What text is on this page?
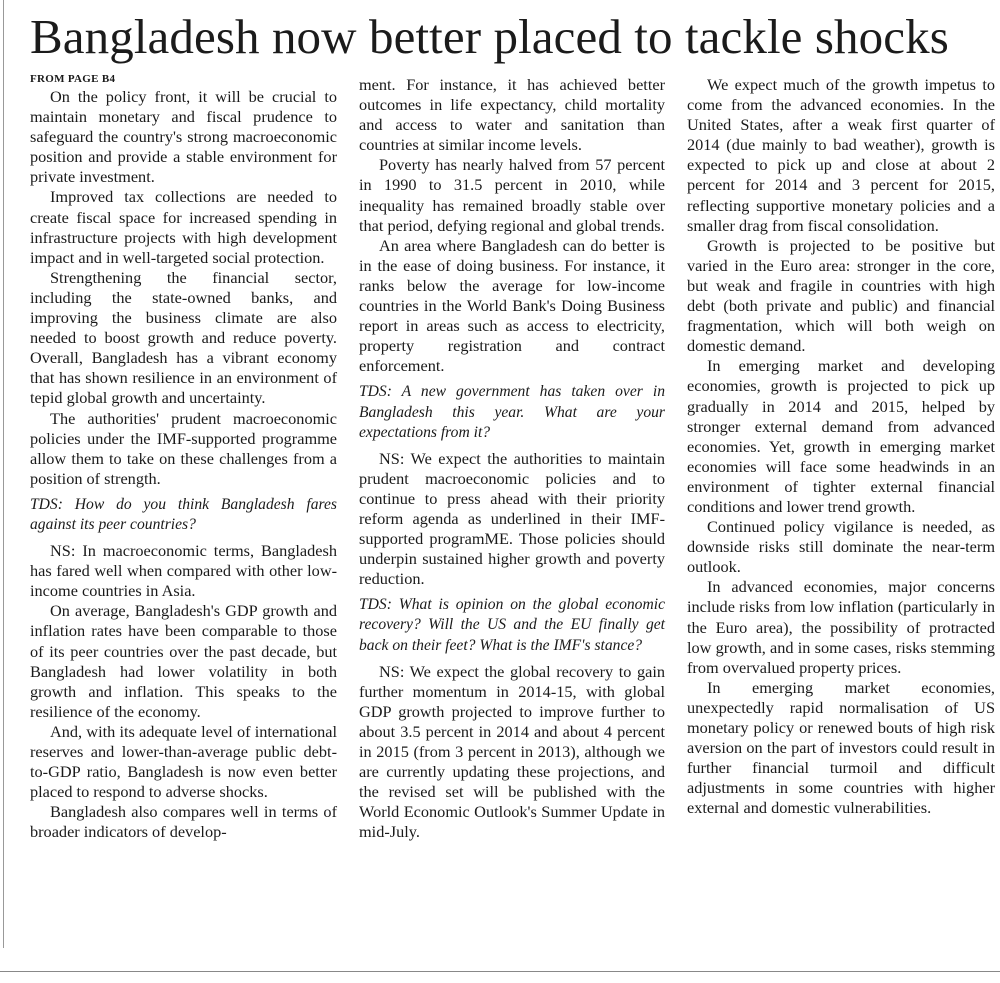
Bangladesh now better placed to tackle shocks
FROM PAGE B4

On the policy front, it will be crucial to maintain monetary and fiscal prudence to safeguard the country's strong macroeconomic position and provide a stable environment for private investment.

Improved tax collections are needed to create fiscal space for increased spending in infrastructure projects with high development impact and in well-targeted social protection.

Strengthening the financial sector, including the state-owned banks, and improving the business climate are also needed to boost growth and reduce poverty. Overall, Bangladesh has a vibrant economy that has shown resilience in an environment of tepid global growth and uncertainty.

The authorities' prudent macroeconomic policies under the IMF-supported programme allow them to take on these challenges from a position of strength.

TDS: How do you think Bangladesh fares against its peer countries?

NS: In macroeconomic terms, Bangladesh has fared well when compared with other low-income countries in Asia.

On average, Bangladesh's GDP growth and inflation rates have been comparable to those of its peer countries over the past decade, but Bangladesh had lower volatility in both growth and inflation. This speaks to the resilience of the economy.

And, with its adequate level of international reserves and lower-than-average public debt-to-GDP ratio, Bangladesh is now even better placed to respond to adverse shocks.

Bangladesh also compares well in terms of broader indicators of develop-

ment. For instance, it has achieved better outcomes in life expectancy, child mortality and access to water and sanitation than countries at similar income levels.

Poverty has nearly halved from 57 percent in 1990 to 31.5 percent in 2010, while inequality has remained broadly stable over that period, defying regional and global trends.

An area where Bangladesh can do better is in the ease of doing business. For instance, it ranks below the average for low-income countries in the World Bank's Doing Business report in areas such as access to electricity, property registration and contract enforcement.

TDS: A new government has taken over in Bangladesh this year. What are your expectations from it?

NS: We expect the authorities to maintain prudent macroeconomic policies and to continue to press ahead with their priority reform agenda as underlined in their IMF-supported programME. Those policies should underpin sustained higher growth and poverty reduction.

TDS: What is opinion on the global economic recovery? Will the US and the EU finally get back on their feet? What is the IMF's stance?

NS: We expect the global recovery to gain further momentum in 2014-15, with global GDP growth projected to improve further to about 3.5 percent in 2014 and about 4 percent in 2015 (from 3 percent in 2013), although we are currently updating these projections, and the revised set will be published with the World Economic Outlook's Summer Update in mid-July.

We expect much of the growth impetus to come from the advanced economies. In the United States, after a weak first quarter of 2014 (due mainly to bad weather), growth is expected to pick up and close at about 2 percent for 2014 and 3 percent for 2015, reflecting supportive monetary policies and a smaller drag from fiscal consolidation.

Growth is projected to be positive but varied in the Euro area: stronger in the core, but weak and fragile in countries with high debt (both private and public) and financial fragmentation, which will both weigh on domestic demand.

In emerging market and developing economies, growth is projected to pick up gradually in 2014 and 2015, helped by stronger external demand from advanced economies. Yet, growth in emerging market economies will face some headwinds in an environment of tighter external financial conditions and lower trend growth.

Continued policy vigilance is needed, as downside risks still dominate the near-term outlook.

In advanced economies, major concerns include risks from low inflation (particularly in the Euro area), the possibility of protracted low growth, and in some cases, risks stemming from overvalued property prices.

In emerging market economies, unexpectedly rapid normalisation of US monetary policy or renewed bouts of high risk aversion on the part of investors could result in further financial turmoil and difficult adjustments in some countries with higher external and domestic vulnerabilities.
